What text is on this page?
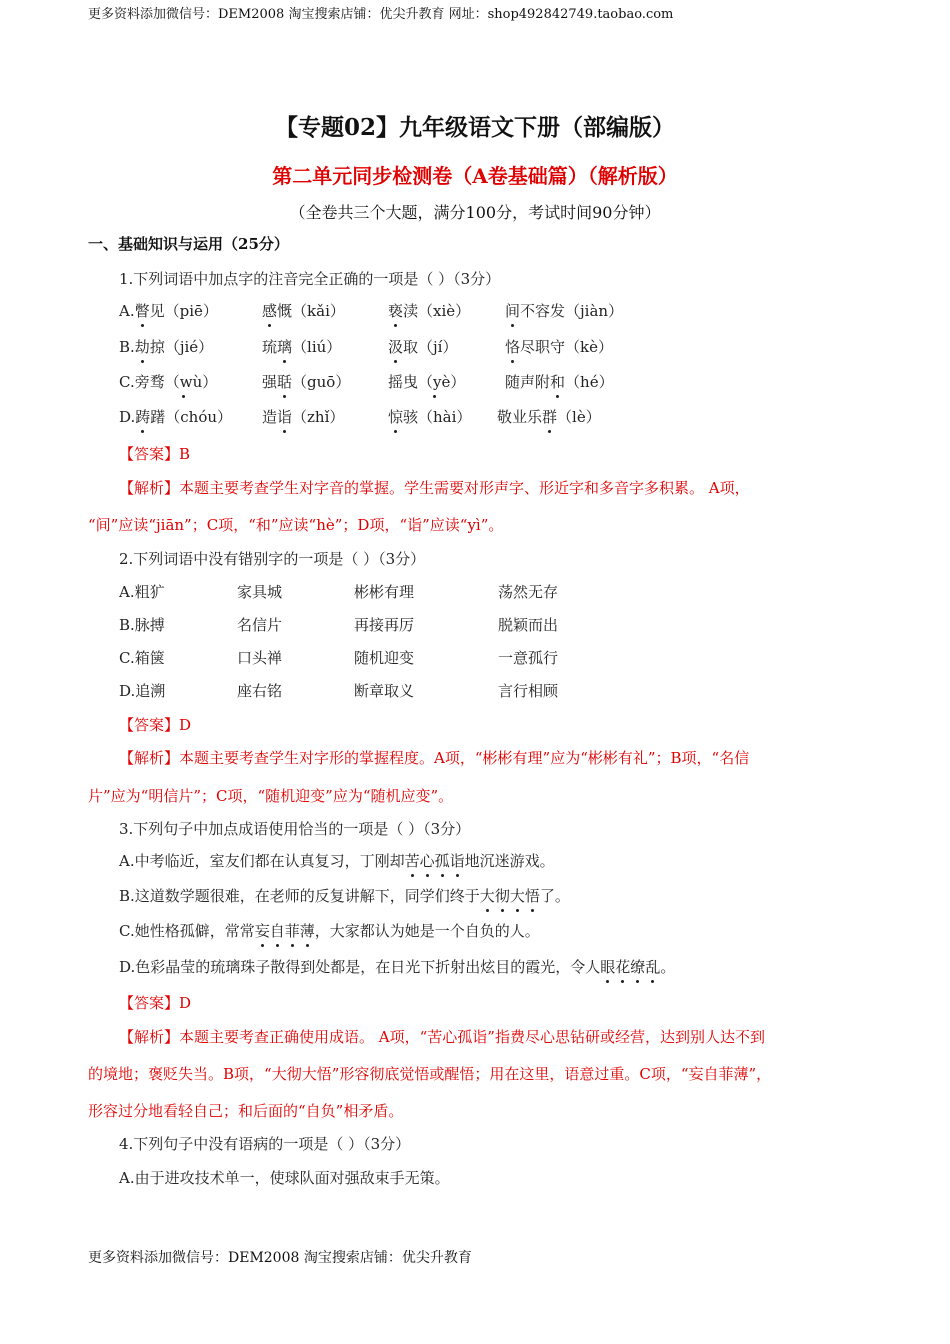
更多资料添加微信号：DEM2008 淘宝搜索店铺：优尖升教育 网址：shop492842749.taobao.com
【专题02】九年级语文下册（部编版）
第二单元同步检测卷（A卷基础篇）（解析版）
（全卷共三个大题，满分100分，考试时间90分钟）
一、基础知识与运用（25分）
1.下列词语中加点字的注音完全正确的一项是（ ）（3分）
A.瞥见（piē）	感慨（kǎi）	亵渎（xiè） 间不容发（jiàn）
B.劫掠（jié）	琉璃（liú）	汲取（jí）	恪尽职守（kè）
C.旁骛（wù）	强聒（guō）	摇曳（yè）	随声附和（hé）
D.踌躇（chóu） 造诣（zhǐ）	惊骇（hài） 敬业乐群（lè）
【答案】B
【解析】本题主要考查学生对字音的掌握。学生需要对形声字、形近字和多音字多积累。 A项，
“间”应读“jiān”；C项，“和”应读“hè”；D项，“诣”应读“yì”。
2.下列词语中没有错别字的一项是（ ）（3分）
A.粗犷	家具城	彬彬有理	荡然无存
B.脉搏	名信片	再接再厉	脱颖而出
C.箱箧	口头禅	随机迎变	一意孤行
D.追溯	座右铭	断章取义	言行相顾
【答案】D
【解析】本题主要考查学生对字形的掌握程度。A项，“彬彬有理”应为“彬彬有礼”；B项，“名信
片”应为“明信片”；C项，“随机迎变”应为“随机应变”。
3.下列句子中加点成语使用恰当的一项是（ ）（3分）
A.中考临近，室友们都在认真复习，丁刚却苦心孤诣地沉迷游戏。
B.这道数学题很难，在老师的反复讲解下，同学们终于大彻大悟了。
C.她性格孤僻，常常妄自菲薄，大家都认为她是一个自负的人。
D.色彩晶莹的琉璃珠子散得到处都是，在日光下折射出炫目的霞光，令人眼花缭乱。
【答案】D
【解析】本题主要考查正确使用成语。 A项，“苦心孤诣”指费尽心思钻研或经营，达到别人达不到
的境地；褒贬失当。B项，“大彻大悟”形容彻底觉悟或醒悟；用在这里，语意过重。C项，“妄自菲薄”，
形容过分地看轻自己；和后面的“自负”相矛盾。
4.下列句子中没有语病的一项是（ ）（3分）
A.由于进攻技术单一，使球队面对强敌束手无策。
更多资料添加微信号：DEM2008 淘宝搜索店铺：优尖升教育
